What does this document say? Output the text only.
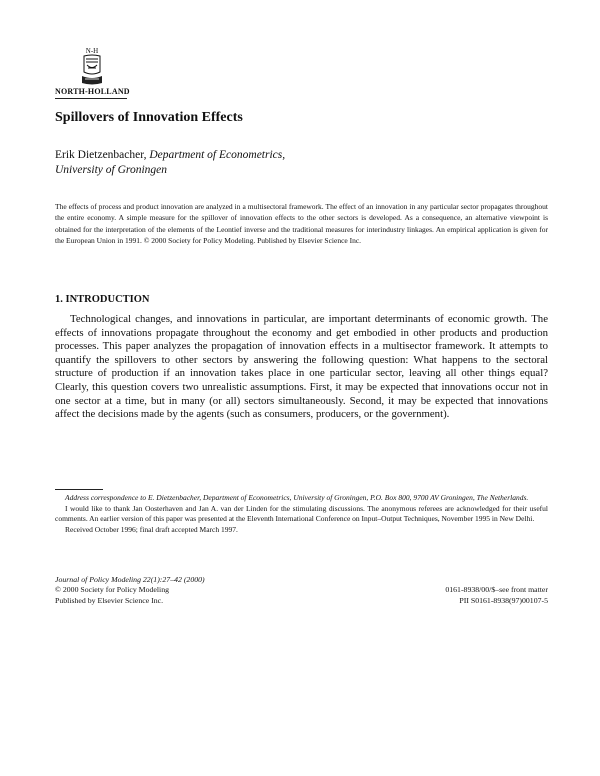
N-H
NORTH-HOLLAND
Spillovers of Innovation Effects
Erik Dietzenbacher, Department of Econometrics,
University of Groningen
The effects of process and product innovation are analyzed in a multisectoral framework. The effect of an innovation in any particular sector propagates throughout the entire economy. A simple measure for the spillover of innovation effects to the other sectors is developed. As a consequence, an alternative viewpoint is obtained for the interpretation of the elements of the Leontief inverse and the traditional measures for interindustry linkages. An empirical application is given for the European Union in 1991. © 2000 Society for Policy Modeling. Published by Elsevier Science Inc.
1. INTRODUCTION
Technological changes, and innovations in particular, are important determinants of economic growth. The effects of innovations propagate throughout the economy and get embodied in other products and production processes. This paper analyzes the propagation of innovation effects in a multisector framework. It attempts to quantify the spillovers to other sectors by answering the following question: What happens to the sectoral structure of production if an innovation takes place in one particular sector, leaving all other things equal? Clearly, this question covers two unrealistic assumptions. First, it may be expected that innovations occur not in one sector at a time, but in many (or all) sectors simultaneously. Second, it may be expected that innovations affect the decisions made by the agents (such as consumers, producers, or the government).

Address correspondence to E. Dietzenbacher, Department of Econometrics, University of Groningen, P.O. Box 800, 9700 AV Groningen, The Netherlands.

I would like to thank Jan Oosterhaven and Jan A. van der Linden for the stimulating discussions. The anonymous referees are acknowledged for their useful comments. An earlier version of this paper was presented at the Eleventh International Conference on Input–Output Techniques, November 1995 in New Delhi.

Received October 1996; final draft accepted March 1997.

Journal of Policy Modeling 22(1):27–42 (2000)
© 2000 Society for Policy Modeling
Published by Elsevier Science Inc.
0161-8938/00/$–see front matter
PII S0161-8938(97)00107-5
